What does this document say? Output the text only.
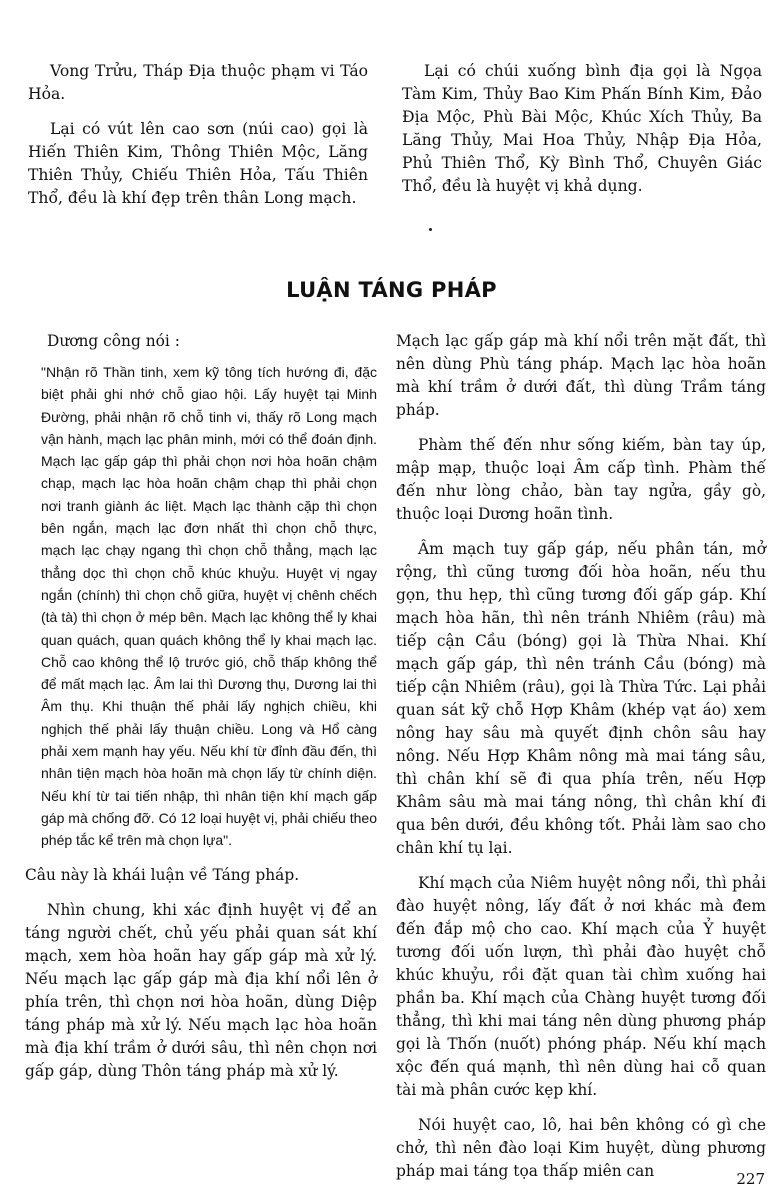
Vong Trửu, Tháp Địa thuộc phạm vi Táo Hỏa.

Lại có vút lên cao sơn (núi cao) gọi là Hiến Thiên Kim, Thông Thiên Mộc, Lăng Thiên Thủy, Chiếu Thiên Hỏa, Tấu Thiên Thổ, đều là khí đẹp trên thân Long mạch.

Lại có chúi xuống bình địa gọi là Ngọa Tàm Kim, Thủy Bao Kim Phấn Bính Kim, Đảo Địa Mộc, Phù Bài Mộc, Khúc Xích Thủy, Ba Lăng Thủy, Mai Hoa Thủy, Nhập Địa Hỏa, Phủ Thiên Thổ, Kỳ Bình Thổ, Chuyên Giác Thổ, đều là huyệt vị khả dụng.

LUẬN TÁNG PHÁP

Dương công nói :

"Nhận rõ Thần tinh, xem kỹ tông tích hướng đi, đặc biệt phải ghi nhớ chỗ giao hội. Lấy huyệt tại Minh Đường, phải nhận rõ chỗ tinh vi, thấy rõ Long mạch vận hành, mạch lạc phân minh, mới có thể đoán định. Mạch lạc gấp gáp thì phải chọn nơi hòa hoãn chậm chạp, mạch lạc hòa hoãn chậm chạp thì phải chọn nơi tranh giành ác liệt. Mạch lạc thành cặp thì chọn bên ngắn, mạch lạc đơn nhất thì chọn chỗ thực, mạch lạc chạy ngang thì chọn chỗ thẳng, mạch lạc thẳng dọc thì chọn chỗ khúc khuỷu. Huyệt vị ngay ngắn (chính) thì chọn chỗ giữa, huyệt vị chênh chếch (tà tà) thì chọn ở mép bên. Mạch lạc không thể ly khai quan quách, quan quách không thể ly khai mạch lạc. Chỗ cao không thể lộ trước gió, chỗ thấp không thể để mất mạch lạc. Âm lai thì Dương thụ, Dương lai thì Âm thụ. Khi thuận thế phải lấy nghịch chiều, khi nghịch thế phải lấy thuận chiều. Long và Hổ càng phải xem mạnh hay yếu. Nếu khí từ đỉnh đầu đến, thì nhân tiện mạch hòa hoãn mà chọn lấy từ chính diện. Nếu khí từ tai tiến nhập, thì nhân tiện khí mạch gấp gáp mà chống đỡ. Có 12 loại huyệt vị, phải chiếu theo phép tắc kể trên mà chọn lựa".

Câu này là khái luận về Táng pháp.

Nhìn chung, khi xác định huyệt vị để an táng người chết, chủ yếu phải quan sát khí mạch, xem hòa hoãn hay gấp gáp mà xử lý. Nếu mạch lạc gấp gáp mà địa khí nổi lên ở phía trên, thì chọn nơi hòa hoãn, dùng Diệp táng pháp mà xử lý. Nếu mạch lạc hòa hoãn mà địa khí trầm ở dưới sâu, thì nên chọn nơi gấp gáp, dùng Thôn táng pháp mà xử lý.

Mạch lạc gấp gáp mà khí nổi trên mặt đất, thì nên dùng Phù táng pháp. Mạch lạc hòa hoãn mà khí trầm ở dưới đất, thì dùng Trầm táng pháp.

Phàm thế đến như sống kiếm, bàn tay úp, mập mạp, thuộc loại Âm cấp tình. Phàm thế đến như lòng chảo, bàn tay ngửa, gầy gò, thuộc loại Dương hoãn tình.

Âm mạch tuy gấp gáp, nếu phân tán, mở rộng, thì cũng tương đối hòa hoãn, nếu thu gọn, thu hẹp, thì cũng tương đối gấp gáp. Khí mạch hòa hãn, thì nên tránh Nhiêm (râu) mà tiếp cận Cầu (bóng) gọi là Thừa Nhai. Khí mạch gấp gáp, thì nên tránh Cầu (bóng) mà tiếp cận Nhiêm (râu), gọi là Thừa Tức. Lại phải quan sát kỹ chỗ Hợp Khâm (khép vạt áo) xem nông hay sâu mà quyết định chôn sâu hay nông. Nếu Hợp Khâm nông mà mai táng sâu, thì chân khí sẽ đi qua phía trên, nếu Hợp Khâm sâu mà mai táng nông, thì chân khí đi qua bên dưới, đều không tốt. Phải làm sao cho chân khí tụ lại.

Khí mạch của Niêm huyệt nông nổi, thì phải đào huyệt nông, lấy đất ở nơi khác mà đem đến đắp mộ cho cao. Khí mạch của Ỷ huyệt tương đối uốn lượn, thì phải đào huyệt chỗ khúc khuỷu, rồi đặt quan tài chìm xuống hai phần ba. Khí mạch của Chàng huyệt tương đối thẳng, thì khi mai táng nên dùng phương pháp gọi là Thốn (nuốt) phóng pháp. Nếu khí mạch xộc đến quá mạnh, thì nên dùng hai cỗ quan tài mà phân cước kẹp khí.

Nói huyệt cao, lô, hai bên không có gì che chở, thì nên đào loại Kim huyệt, dùng phương pháp mai táng tọa thấp miên can	227
